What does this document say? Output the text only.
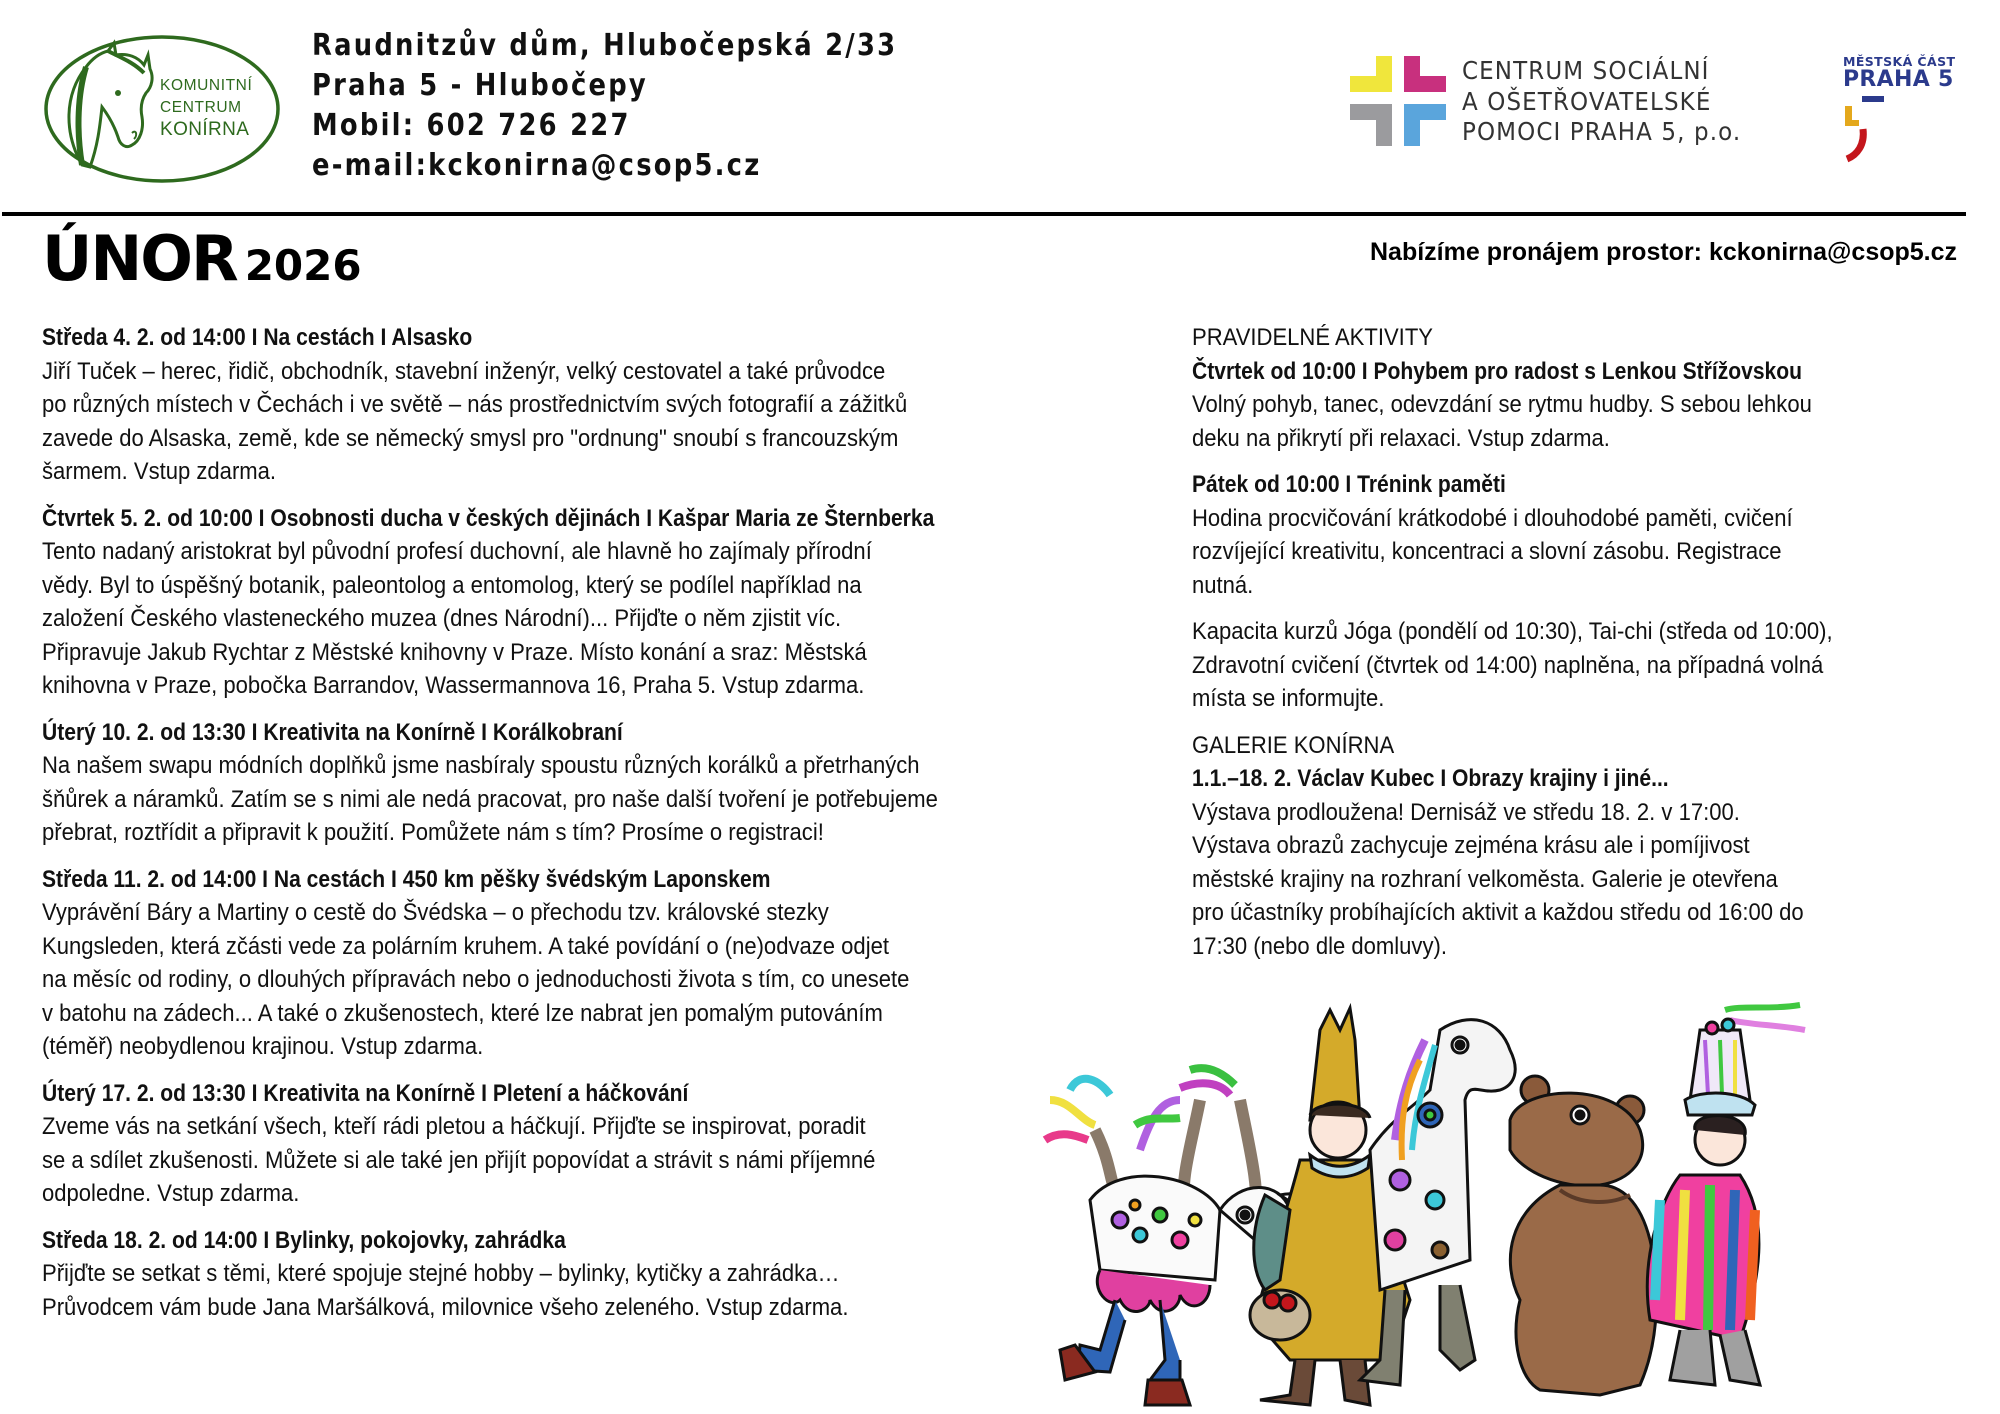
KOMUNITNÍ
CENTRUM
KONÍRNA
Raudnitzův dům, Hlubočepská 2/33
Praha 5 - Hlubočepy
Mobil: 602 726 227
e-mail:kckonirna@csop5.cz
CENTRUM SOCIÁLNÍ
A OŠETŘOVATELSKÉ
POMOCI PRAHA 5, p.o.
MĚSTSKÁ ČÁST
PRAHA 5
ÚNOR 2026	Nabízíme pronájem prostor: kckonirna@csop5.cz
Středa 4. 2. od 14:00 I Na cestách I Alsasko
Jiří Tuček – herec, řidič, obchodník, stavební inženýr, velký cestovatel a také průvodce
po různých místech v Čechách i ve světě – nás prostřednictvím svých fotografií a zážitků
zavede do Alsaska, země, kde se německý smysl pro "ordnung" snoubí s francouzským
šarmem. Vstup zdarma.
Čtvrtek 5. 2. od 10:00 I Osobnosti ducha v českých dějinách I Kašpar Maria ze Šternberka
Tento nadaný aristokrat byl původní profesí duchovní, ale hlavně ho zajímaly přírodní
vědy. Byl to úspěšný botanik, paleontolog a entomolog, který se podílel například na
založení Českého vlasteneckého muzea (dnes Národní)... Přijďte o něm zjistit víc.
Připravuje Jakub Rychtar z Městské knihovny v Praze. Místo konání a sraz: Městská
knihovna v Praze, pobočka Barrandov, Wassermannova 16, Praha 5. Vstup zdarma.
Úterý 10. 2. od 13:30 I Kreativita na Konírně I Korálkobraní
Na našem swapu módních doplňků jsme nasbíraly spoustu různých korálků a přetrhaných
šňůrek a náramků. Zatím se s nimi ale nedá pracovat, pro naše další tvoření je potřebujeme
přebrat, roztřídit a připravit k použití. Pomůžete nám s tím? Prosíme o registraci!
Středa 11. 2. od 14:00 I Na cestách I 450 km pěšky švédským Laponskem
Vyprávění Báry a Martiny o cestě do Švédska – o přechodu tzv. královské stezky
Kungsleden, která zčásti vede za polárním kruhem. A také povídání o (ne)odvaze odjet
na měsíc od rodiny, o dlouhých přípravách nebo o jednoduchosti života s tím, co unesete
v batohu na zádech... A také o zkušenostech, které lze nabrat jen pomalým putováním
(téměř) neobydlenou krajinou. Vstup zdarma.
Úterý 17. 2. od 13:30 I Kreativita na Konírně I Pletení a háčkování
Zveme vás na setkání všech, kteří rádi pletou a háčkují. Přijďte se inspirovat, poradit
se a sdílet zkušenosti. Můžete si ale také jen přijít popovídat a strávit s námi příjemné
odpoledne. Vstup zdarma.
Středa 18. 2. od 14:00 I Bylinky, pokojovky, zahrádka
Přijďte se setkat s těmi, které spojuje stejné hobby – bylinky, kytičky a zahrádka…
Průvodcem vám bude Jana Maršálková, milovnice všeho zeleného. Vstup zdarma.
PRAVIDELNÉ AKTIVITY
Čtvrtek od 10:00 I Pohybem pro radost s Lenkou Střížovskou
Volný pohyb, tanec, odevzdání se rytmu hudby. S sebou lehkou
deku na přikrytí při relaxaci. Vstup zdarma.
Pátek od 10:00 I Trénink paměti
Hodina procvičování krátkodobé i dlouhodobé paměti, cvičení
rozvíjející kreativitu, koncentraci a slovní zásobu. Registrace
nutná.
Kapacita kurzů Jóga (pondělí od 10:30), Tai-chi (středa od 10:00),
Zdravotní cvičení (čtvrtek od 14:00) naplněna, na případná volná
místa se informujte.
GALERIE KONÍRNA
1.1.–18. 2. Václav Kubec I Obrazy krajiny i jiné...
Výstava prodloužena! Dernisáž ve středu 18. 2. v 17:00.
Výstava obrazů zachycuje zejména krásu ale i pomíjivost
městské krajiny na rozhraní velkoměsta. Galerie je otevřena
pro účastníky probíhajících aktivit a každou středu od 16:00 do
17:30 (nebo dle domluvy).
